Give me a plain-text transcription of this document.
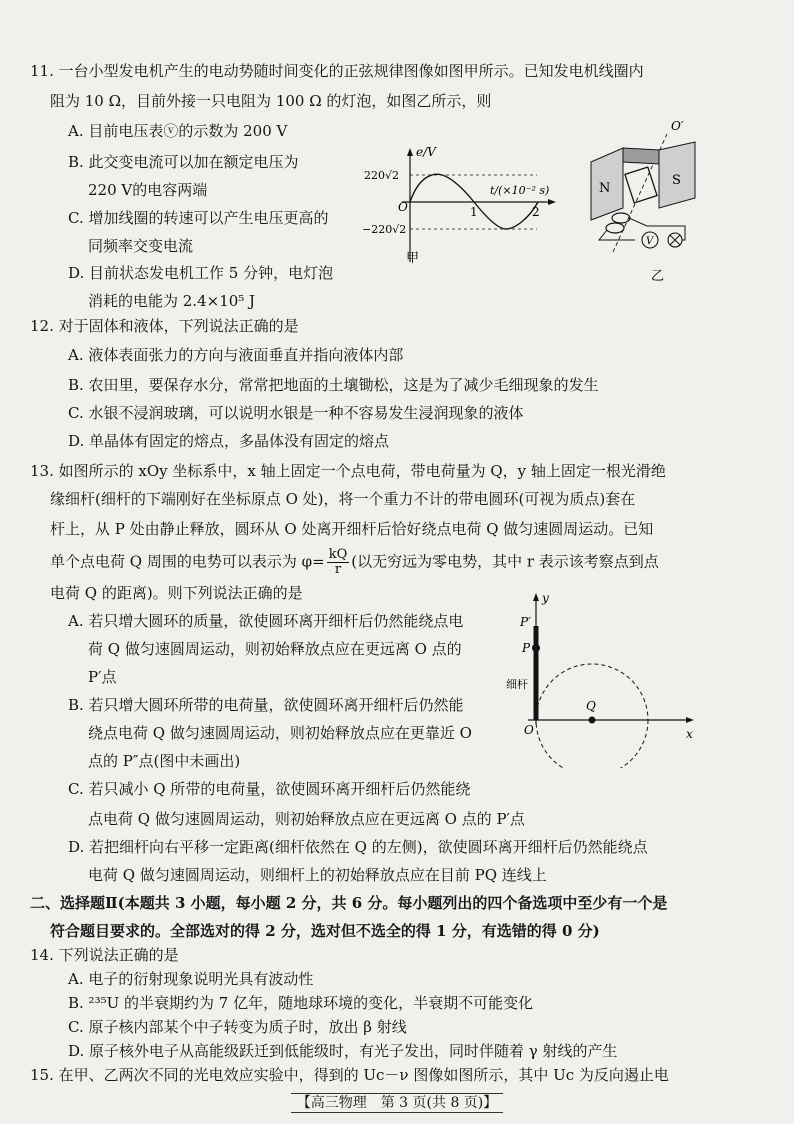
11. 一台小型发电机产生的电动势随时间变化的正弦规律图像如图甲所示。已知发电机线圈内
阻为 10 Ω，目前外接一只电阻为 100 Ω 的灯泡，如图乙所示，则
A. 目前电压表ⓥ的示数为 200 V
B. 此交变电流可以加在额定电压为
220 V的电容两端
C. 增加线圈的转速可以产生电压更高的
同频率交变电流
D. 目前状态发电机工作 5 分钟，电灯泡
消耗的电能为 2.4×10⁵ J
e/V
t/(×10⁻² s)
220√2
−220√2
O	1	2
甲
O′
N
S
V
乙
12. 对于固体和液体，下列说法正确的是
A. 液体表面张力的方向与液面垂直并指向液体内部
B. 农田里，要保存水分，常常把地面的土壤锄松，这是为了减少毛细现象的发生
C. 水银不浸润玻璃，可以说明水银是一种不容易发生浸润现象的液体
D. 单晶体有固定的熔点，多晶体没有固定的熔点
13. 如图所示的 xOy 坐标系中，x 轴上固定一个点电荷，带电荷量为 Q，y 轴上固定一根光滑绝
缘细杆(细杆的下端刚好在坐标原点 O 处)，将一个重力不计的带电圆环(可视为质点)套在
杆上，从 P 处由静止释放，圆环从 O 处离开细杆后恰好绕点电荷 Q 做匀速圆周运动。已知
单个点电荷 Q 周围的电势可以表示为 $\varphi= \frac{kQ}{r}$ (以无穷远为零电势，其中 r 表示该考察点到点
电荷 Q 的距离)。则下列说法正确的是
A. 若只增大圆环的质量，欲使圆环离开细杆后仍然能绕点电
荷 Q 做匀速圆周运动，则初始释放点应在更远离 O 点的
P′点
B. 若只增大圆环所带的电荷量，欲使圆环离开细杆后仍然能
绕点电荷 Q 做匀速圆周运动，则初始释放点应在更靠近 O
点的 P″点(图中未画出)
C. 若只减小 Q 所带的电荷量，欲使圆环离开细杆后仍然能绕
点电荷 Q 做匀速圆周运动，则初始释放点应在更远离 O 点的 P′点
D. 若把细杆向右平移一定距离(细杆依然在 Q 的左侧)，欲使圆环离开细杆后仍然能绕点
电荷 Q 做匀速圆周运动，则细杆上的初始释放点应在目前 PQ 连线上
y
x
P′
P
细杆
Q
O
二、选择题Ⅱ(本题共 3 小题，每小题 2 分，共 6 分。每小题列出的四个备选项中至少有一个是
符合题目要求的。全部选对的得 2 分，选对但不选全的得 1 分，有选错的得 0 分)
14. 下列说法正确的是
A. 电子的衍射现象说明光具有波动性
B. ²³⁵U 的半衰期约为 7 亿年，随地球环境的变化，半衰期不可能变化
C. 原子核内部某个中子转变为质子时，放出 β 射线
【高三物理　第 3 页(共 8 页)】
D. 原子核外电子从高能级跃迁到低能级时，有光子发出，同时伴随着 γ 射线的产生
15. 在甲、乙两次不同的光电效应实验中，得到的 Uc－ν 图像如图所示，其中 Uc 为反向遏止电
